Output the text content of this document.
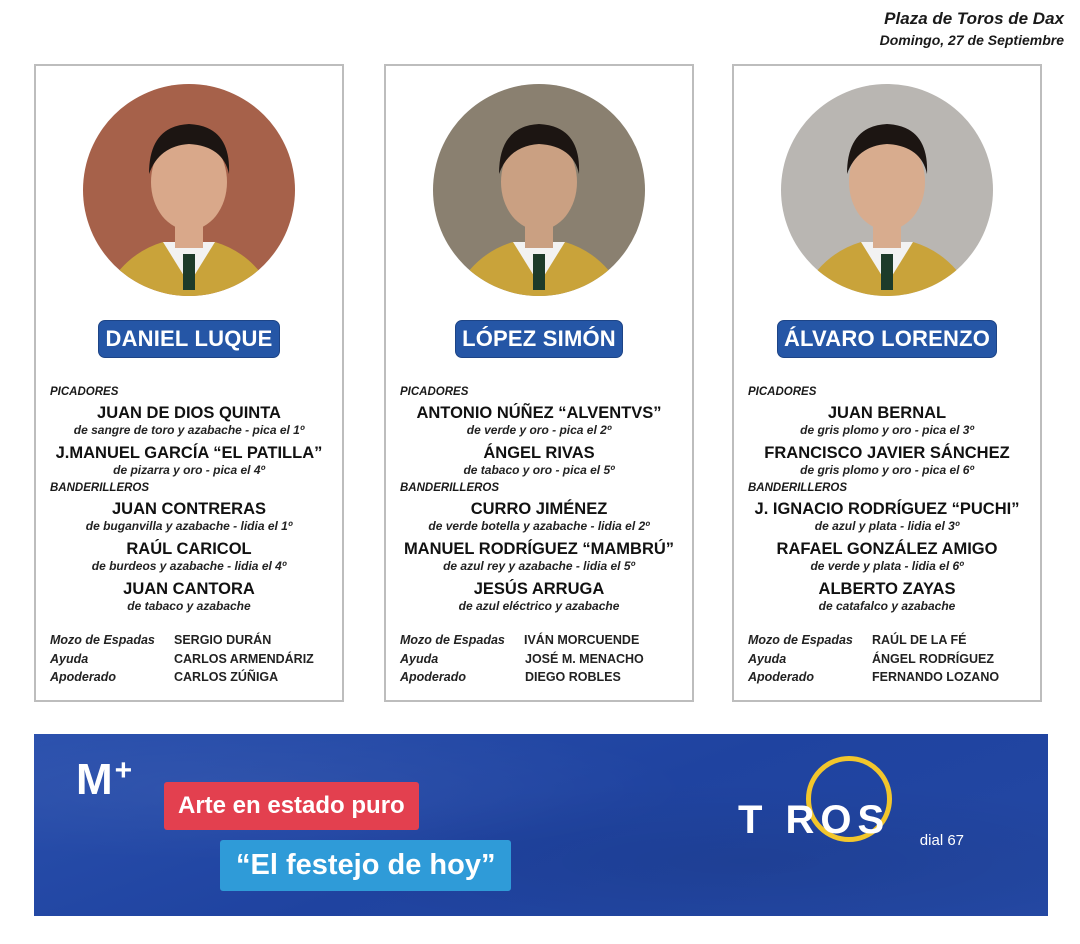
Plaza de Toros de Dax
Domingo, 27 de Septiembre
DANIEL LUQUE
PICADORES
JUAN DE DIOS QUINTA
de sangre de toro y azabache - pica el 1º
J.MANUEL GARCÍA “EL PATILLA”
de pizarra y oro - pica el 4º
BANDERILLEROS
JUAN CONTRERAS
de buganvilla y azabache - lidia el 1º
RAÚL CARICOL
de burdeos y azabache - lidia el 4º
JUAN CANTORA
de tabaco y azabache
Mozo de Espadas	SERGIO DURÁN
Ayuda	CARLOS ARMENDÁRIZ
Apoderado	CARLOS ZÚÑIGA
LÓPEZ SIMÓN
PICADORES
ANTONIO NÚÑEZ “ALVENTVS”
de verde y oro - pica el 2º
ÁNGEL RIVAS
de tabaco y oro - pica el 5º
BANDERILLEROS
CURRO JIMÉNEZ
de verde botella y azabache - lidia el 2º
MANUEL RODRÍGUEZ “MAMBRÚ”
de azul rey y azabache - lidia el 5º
JESÚS ARRUGA
de azul eléctrico y azabache
Mozo de Espadas	IVÁN MORCUENDE
Ayuda	JOSÉ M. MENACHO
Apoderado	DIEGO ROBLES
ÁLVARO LORENZO
PICADORES
JUAN BERNAL
de gris plomo y oro - pica el 3º
FRANCISCO JAVIER SÁNCHEZ
de gris plomo y oro - pica el 6º
BANDERILLEROS
J. IGNACIO RODRÍGUEZ “PUCHI”
de azul y plata - lidia el 3º
RAFAEL GONZÁLEZ AMIGO
de verde y plata - lidia el 6º
ALBERTO ZAYAS
de catafalco y azabache
Mozo de Espadas	RAÚL DE LA FÉ
Ayuda	ÁNGEL RODRÍGUEZ
Apoderado	FERNANDO LOZANO
M+
Arte en estado puro
“El festejo de hoy”
T ROS	dial 67
